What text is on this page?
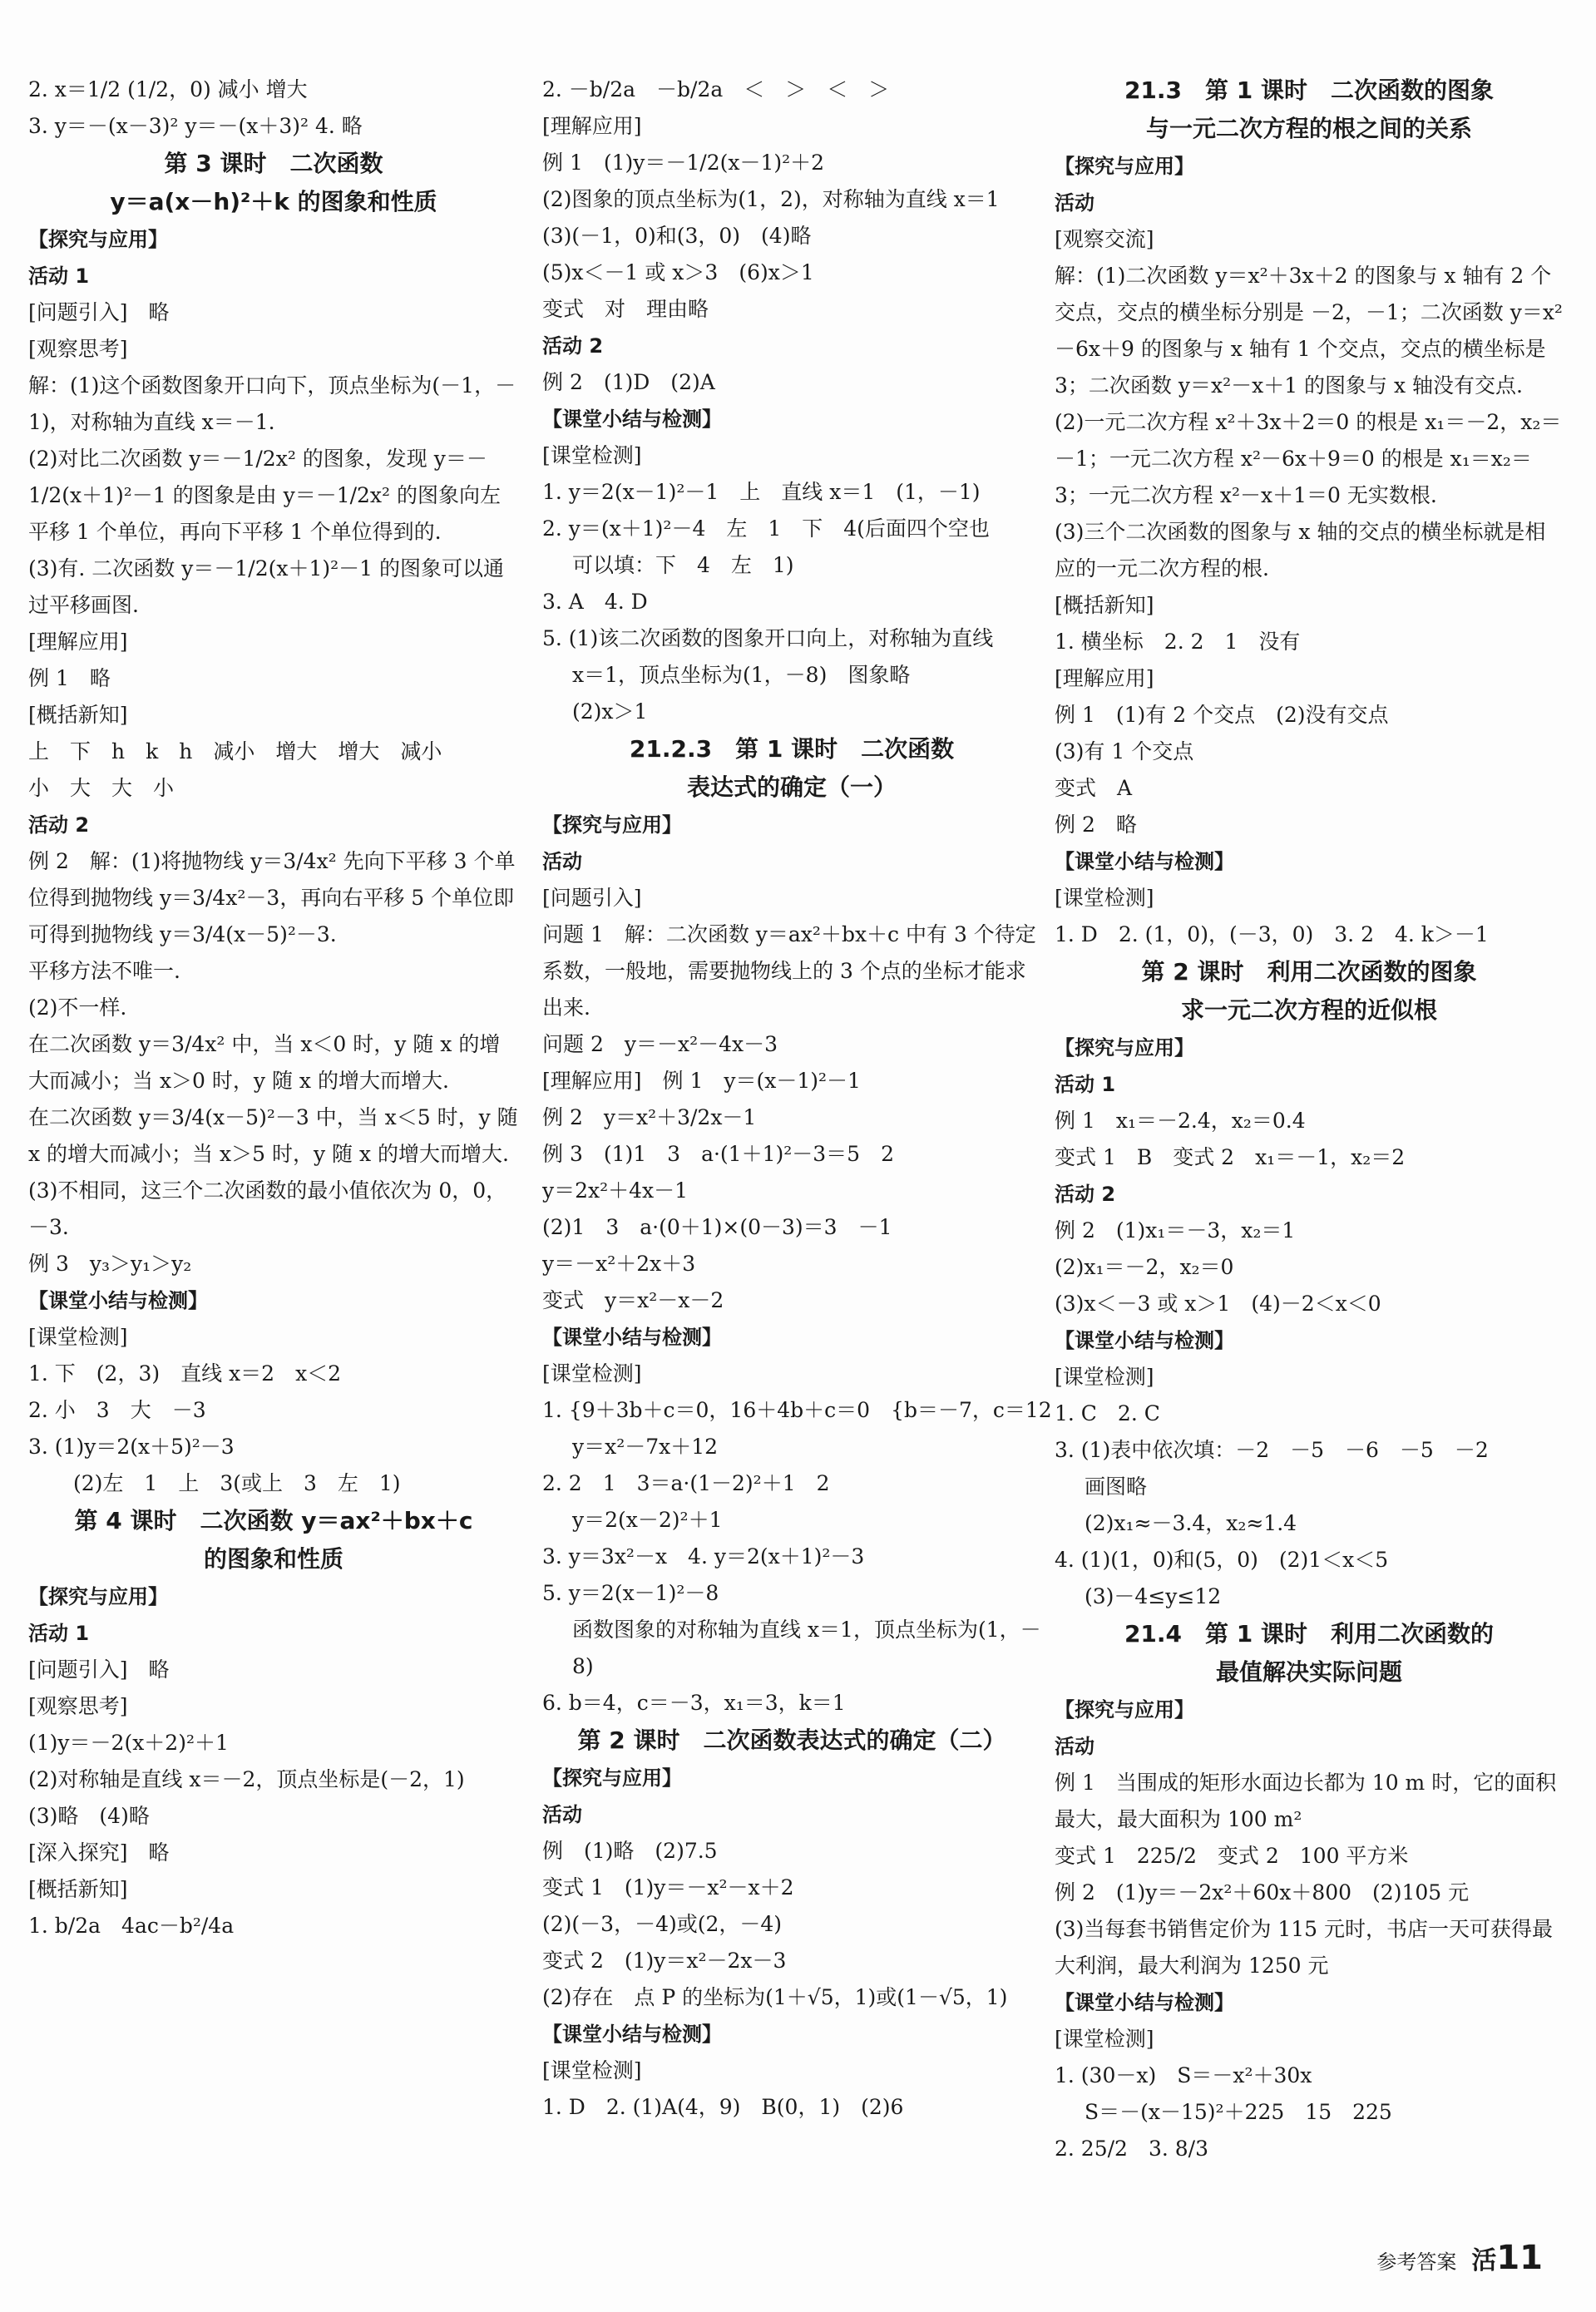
2. x＝1/2 (1/2，0) 减小 增大
3. y＝－(x－3)² y＝－(x＋3)² 4. 略
第 3 课时　二次函数
y＝a(x－h)²＋k 的图象和性质
【探究与应用】
活动 1
[问题引入]　略
[观察思考]
解：(1)这个函数图象开口向下，顶点坐标为(－1，－1)，对称轴为直线 x＝－1.
(2)对比二次函数 y＝－1/2x² 的图象，发现 y＝－1/2(x＋1)²－1 的图象是由 y＝－1/2x² 的图象向左平移 1 个单位，再向下平移 1 个单位得到的.
(3)有. 二次函数 y＝－1/2(x＋1)²－1 的图象可以通过平移画图.
[理解应用]
例 1　略
[概括新知]
上　下　h　k　h　减小　增大　增大　减小
小　大　大　小
活动 2
例 2　解：(1)将抛物线 y＝3/4x² 先向下平移 3 个单位得到抛物线 y＝3/4x²－3，再向右平移 5 个单位即可得到抛物线 y＝3/4(x－5)²－3.
平移方法不唯一.
(2)不一样.
在二次函数 y＝3/4x² 中，当 x＜0 时，y 随 x 的增大而减小；当 x＞0 时，y 随 x 的增大而增大.
在二次函数 y＝3/4(x－5)²－3 中，当 x＜5 时，y 随 x 的增大而减小；当 x＞5 时，y 随 x 的增大而增大.
(3)不相同，这三个二次函数的最小值依次为 0，0，－3.
例 3　y₃＞y₁＞y₂
【课堂小结与检测】
[课堂检测]
1. 下　(2，3)　直线 x＝2　x＜2
2. 小　3　大　－3
3. (1)y＝2(x＋5)²－3
(2)左　1　上　3(或上　3　左　1)
第 4 课时　二次函数 y＝ax²＋bx＋c
的图象和性质
【探究与应用】
活动 1
[问题引入]　略
[观察思考]
(1)y＝－2(x＋2)²＋1
(2)对称轴是直线 x＝－2，顶点坐标是(－2，1)
(3)略　(4)略
[深入探究]　略
[概括新知]
1. b/2a　4ac－b²/4a
2. －b/2a　－b/2a　＜　＞　＜　＞
[理解应用]
例 1　(1)y＝－1/2(x－1)²＋2
(2)图象的顶点坐标为(1，2)，对称轴为直线 x＝1
(3)(－1，0)和(3，0)　(4)略
(5)x＜－1 或 x＞3　(6)x＞1
变式　对　理由略
活动 2
例 2　(1)D　(2)A
【课堂小结与检测】
[课堂检测]
1. y＝2(x－1)²－1　上　直线 x＝1　(1，－1)
2. y＝(x＋1)²－4　左　1　下　4(后面四个空也
可以填：下　4　左　1)
3. A　4. D
5. (1)该二次函数的图象开口向上，对称轴为直线
x＝1，顶点坐标为(1，－8)　图象略
(2)x＞1
21.2.3　第 1 课时　二次函数
表达式的确定（一）
【探究与应用】
活动
[问题引入]
问题 1　解：二次函数 y＝ax²＋bx＋c 中有 3 个待定系数，一般地，需要抛物线上的 3 个点的坐标才能求出来.
问题 2　y＝－x²－4x－3
[理解应用]　例 1　y＝(x－1)²－1
例 2　y＝x²＋3/2x－1
例 3　(1)1　3　a·(1＋1)²－3＝5　2
y＝2x²＋4x－1
(2)1　3　a·(0＋1)×(0－3)＝3　－1
y＝－x²＋2x＋3
变式　y＝x²－x－2
【课堂小结与检测】
[课堂检测]
1. {9＋3b＋c＝0，16＋4b＋c＝0　{b＝－7，c＝12
y＝x²－7x＋12
2. 2　1　3＝a·(1－2)²＋1　2
y＝2(x－2)²＋1
3. y＝3x²－x　4. y＝2(x＋1)²－3
5. y＝2(x－1)²－8
函数图象的对称轴为直线 x＝1，顶点坐标为(1，－8)
6. b＝4，c＝－3，x₁＝3，k＝1
第 2 课时　二次函数表达式的确定（二）
【探究与应用】
活动
例　(1)略　(2)7.5
变式 1　(1)y＝－x²－x＋2
(2)(－3，－4)或(2，－4)
变式 2　(1)y＝x²－2x－3
(2)存在　点 P 的坐标为(1＋√5，1)或(1－√5，1)
【课堂小结与检测】
[课堂检测]
1. D　2. (1)A(4，9)　B(0，1)　(2)6
21.3　第 1 课时　二次函数的图象
与一元二次方程的根之间的关系
【探究与应用】
活动
[观察交流]
解：(1)二次函数 y＝x²＋3x＋2 的图象与 x 轴有 2 个交点，交点的横坐标分别是 －2，－1；二次函数 y＝x²－6x＋9 的图象与 x 轴有 1 个交点，交点的横坐标是 3；二次函数 y＝x²－x＋1 的图象与 x 轴没有交点.
(2)一元二次方程 x²＋3x＋2＝0 的根是 x₁＝－2，x₂＝－1；一元二次方程 x²－6x＋9＝0 的根是 x₁＝x₂＝3；一元二次方程 x²－x＋1＝0 无实数根.
(3)三个二次函数的图象与 x 轴的交点的横坐标就是相应的一元二次方程的根.
[概括新知]
1. 横坐标　2. 2　1　没有
[理解应用]
例 1　(1)有 2 个交点　(2)没有交点
(3)有 1 个交点
变式　A
例 2　略
【课堂小结与检测】
[课堂检测]
1. D　2. (1，0)，(－3，0)　3. 2　4. k＞－1
第 2 课时　利用二次函数的图象
求一元二次方程的近似根
【探究与应用】
活动 1
例 1　x₁＝－2.4，x₂＝0.4
变式 1　B　变式 2　x₁＝－1，x₂＝2
活动 2
例 2　(1)x₁＝－3，x₂＝1
(2)x₁＝－2，x₂＝0
(3)x＜－3 或 x＞1　(4)－2＜x＜0
【课堂小结与检测】
[课堂检测]
1. C　2. C
3. (1)表中依次填：－2　－5　－6　－5　－2
画图略
(2)x₁≈－3.4，x₂≈1.4
4. (1)(1，0)和(5，0)　(2)1＜x＜5
(3)－4≤y≤12
21.4　第 1 课时　利用二次函数的
最值解决实际问题
【探究与应用】
活动
例 1　当围成的矩形水面边长都为 10 m 时，它的面积最大，最大面积为 100 m²
变式 1　225/2　变式 2　100 平方米
例 2　(1)y＝－2x²＋60x＋800　(2)105 元
(3)当每套书销售定价为 115 元时，书店一天可获得最大利润，最大利润为 1250 元
【课堂小结与检测】
[课堂检测]
1. (30－x)　S＝－x²＋30x
S＝－(x－15)²＋225　15　225
2. 25/2　3. 8/3
参考答案 活11
